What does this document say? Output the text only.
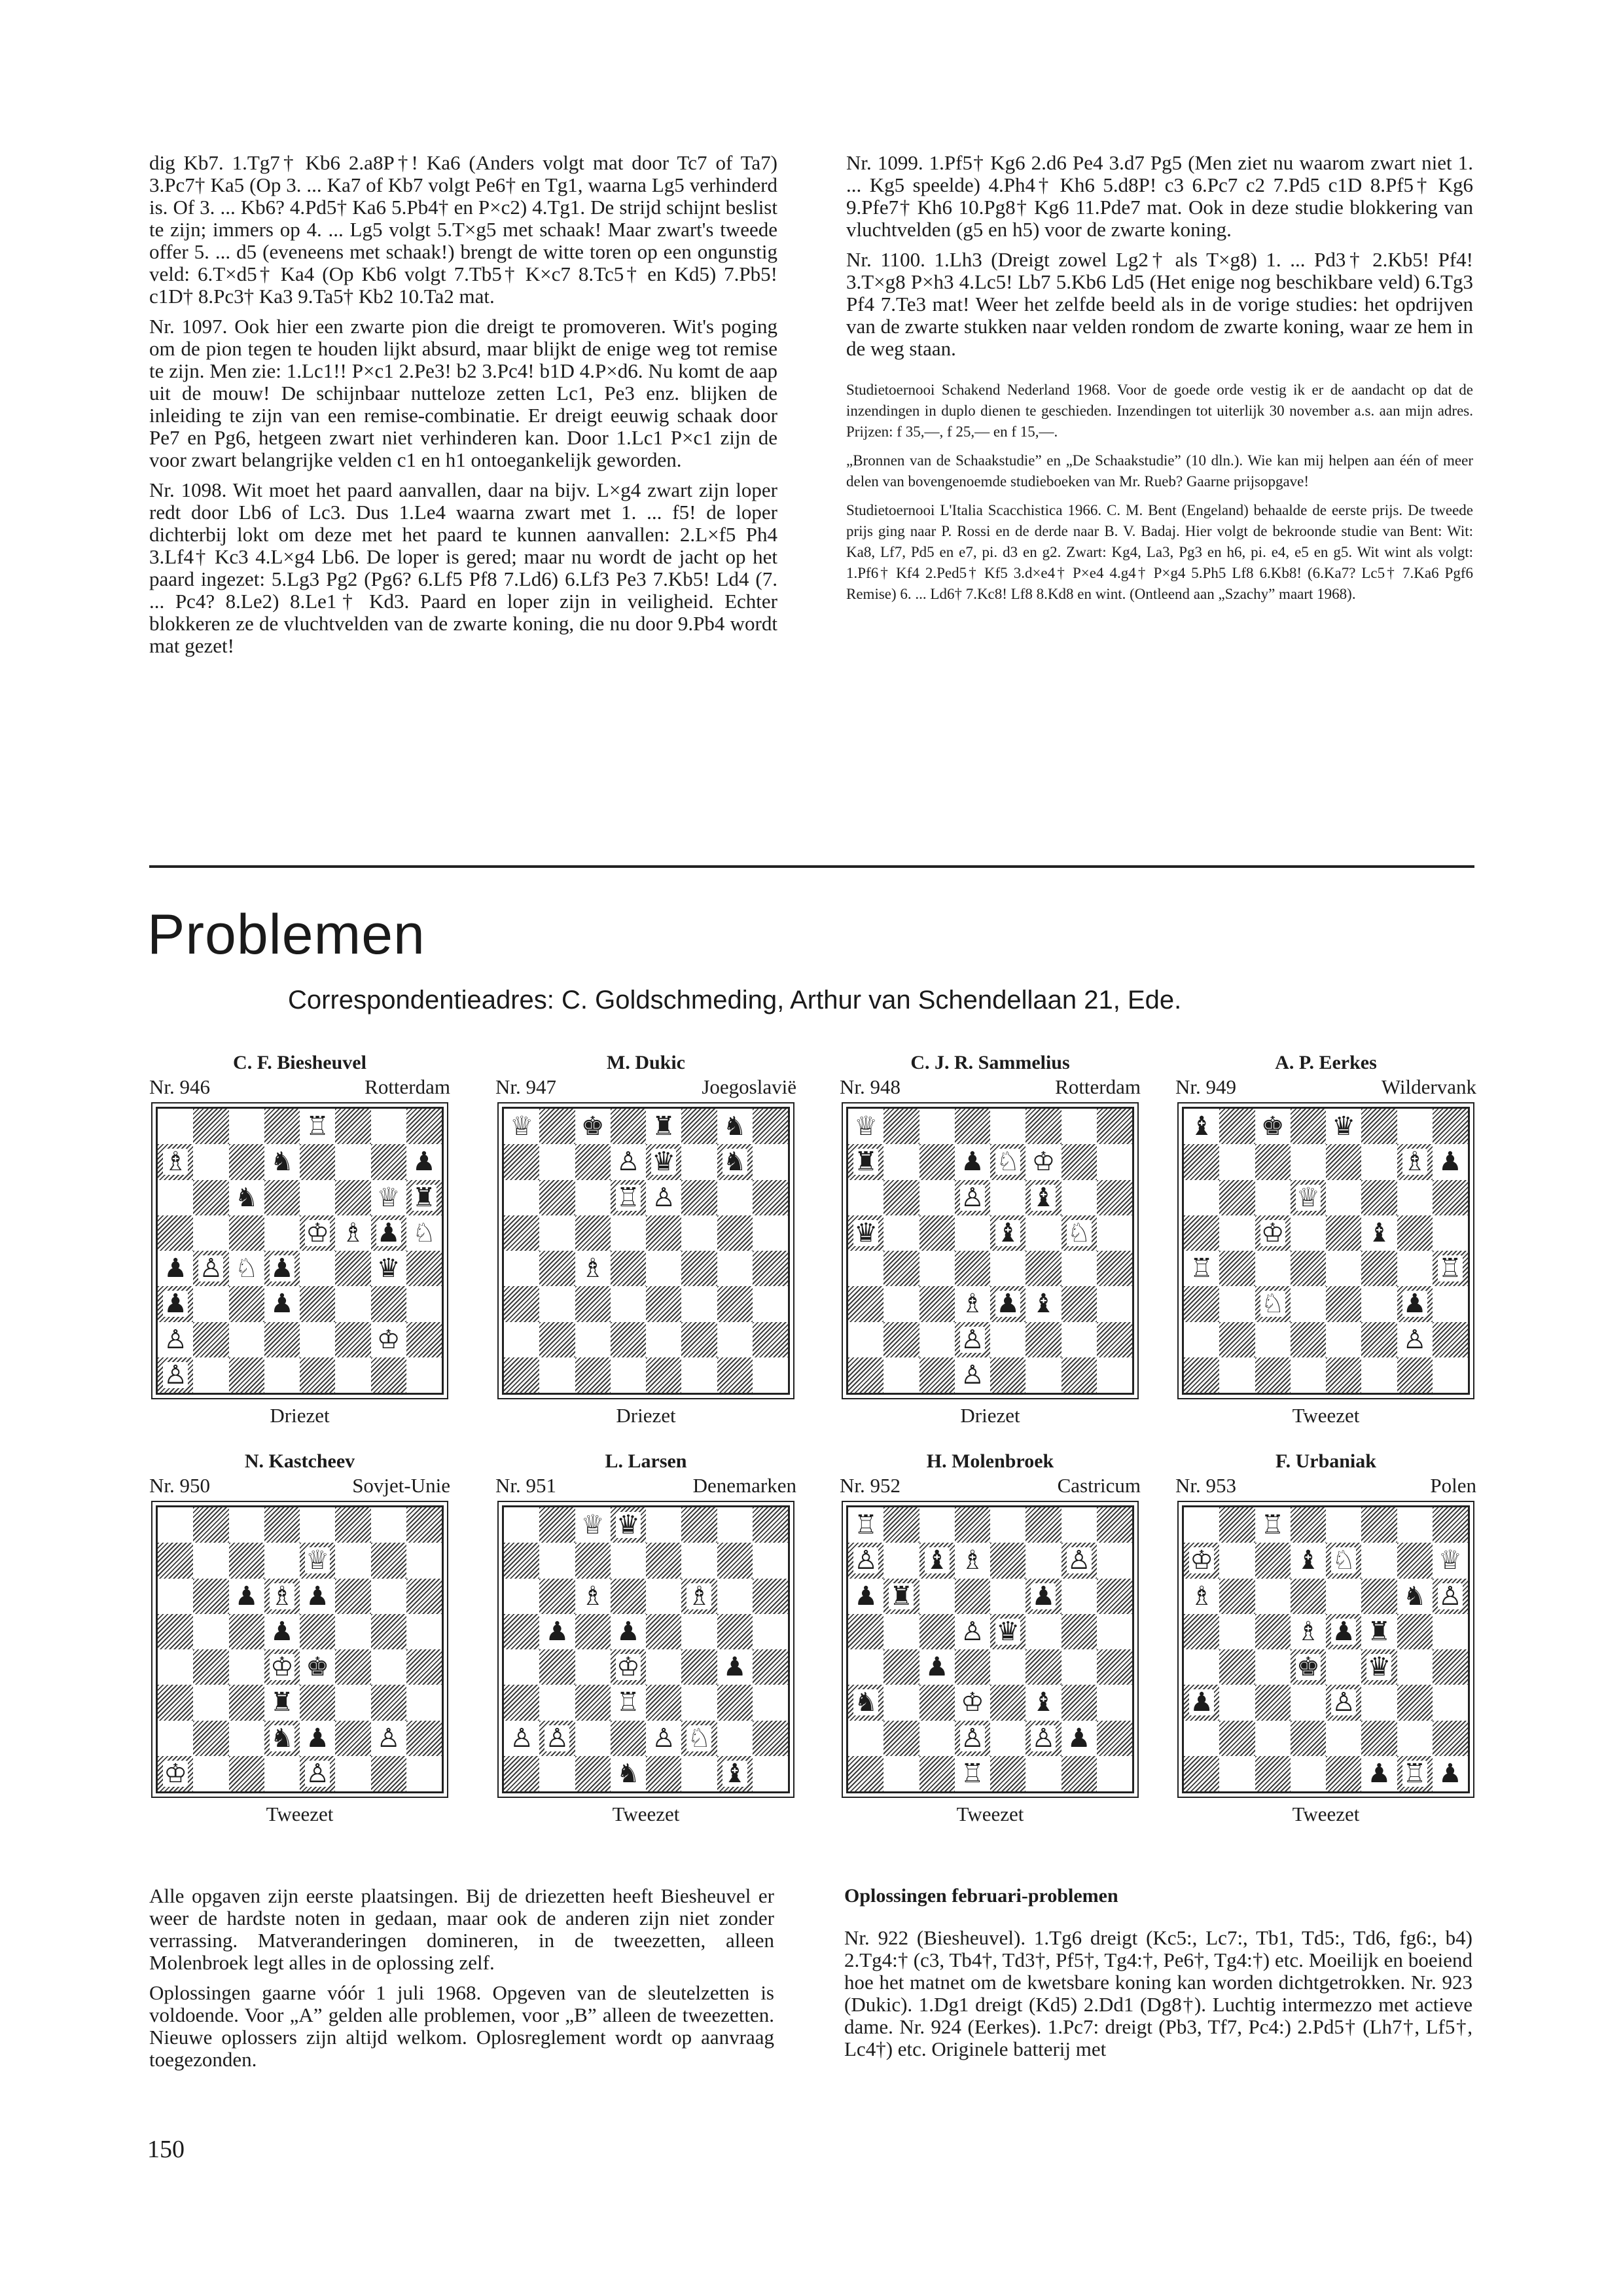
dig Kb7. 1.Tg7† Kb6 2.a8P†! Ka6 (Anders volgt mat door Tc7 of Ta7) 3.Pc7† Ka5 (Op 3. ... Ka7 of Kb7 volgt Pe6† en Tg1, waarna Lg5 verhinderd is. Of 3. ... Kb6? 4.Pd5† Ka6 5.Pb4† en P×c2) 4.Tg1. De strijd schijnt beslist te zijn; immers op 4. ... Lg5 volgt 5.T×g5 met schaak! Maar zwart's tweede offer 5. ... d5 (eveneens met schaak!) brengt de witte toren op een ongunstig veld: 6.T×d5† Ka4 (Op Kb6 volgt 7.Tb5† K×c7 8.Tc5† en Kd5) 7.Pb5! c1D† 8.Pc3† Ka3 9.Ta5† Kb2 10.Ta2 mat.

Nr. 1097. Ook hier een zwarte pion die dreigt te promoveren. Wit's poging om de pion tegen te houden lijkt absurd, maar blijkt de enige weg tot remise te zijn. Men zie: 1.Lc1!! P×c1 2.Pe3! b2 3.Pc4! b1D 4.P×d6. Nu komt de aap uit de mouw! De schijnbaar nutteloze zetten Lc1, Pe3 enz. blijken de inleiding te zijn van een remise-combinatie. Er dreigt eeuwig schaak door Pe7 en Pg6, hetgeen zwart niet verhinderen kan. Door 1.Lc1 P×c1 zijn de voor zwart belangrijke velden c1 en h1 ontoegankelijk geworden.

Nr. 1098. Wit moet het paard aanvallen, daar na bijv. L×g4 zwart zijn loper redt door Lb6 of Lc3. Dus 1.Le4 waarna zwart met 1. ... f5! de loper dichterbij lokt om deze met het paard te kunnen aanvallen: 2.L×f5 Ph4 3.Lf4† Kc3 4.L×g4 Lb6. De loper is gered; maar nu wordt de jacht op het paard ingezet: 5.Lg3 Pg2 (Pg6? 6.Lf5 Pf8 7.Ld6) 6.Lf3 Pe3 7.Kb5! Ld4 (7. ... Pc4? 8.Le2) 8.Le1† Kd3. Paard en loper zijn in veiligheid. Echter blokkeren ze de vluchtvelden van de zwarte koning, die nu door 9.Pb4 wordt mat gezet!

Nr. 1099. 1.Pf5† Kg6 2.d6 Pe4 3.d7 Pg5 (Men ziet nu waarom zwart niet 1. ... Kg5 speelde) 4.Ph4† Kh6 5.d8P! c3 6.Pc7 c2 7.Pd5 c1D 8.Pf5† Kg6 9.Pfe7† Kh6 10.Pg8† Kg6 11.Pde7 mat. Ook in deze studie blokkering van vluchtvelden (g5 en h5) voor de zwarte koning.

Nr. 1100. 1.Lh3 (Dreigt zowel Lg2† als T×g8) 1. ... Pd3† 2.Kb5! Pf4! 3.T×g8 P×h3 4.Lc5! Lb7 5.Kb6 Ld5 (Het enige nog beschikbare veld) 6.Tg3 Pf4 7.Te3 mat! Weer het zelfde beeld als in de vorige studies: het opdrijven van de zwarte stukken naar velden rondom de zwarte koning, waar ze hem in de weg staan.

Studietoernooi Schakend Nederland 1968. Voor de goede orde vestig ik er de aandacht op dat de inzendingen in duplo dienen te geschieden. Inzendingen tot uiterlijk 30 november a.s. aan mijn adres. Prijzen: f 35,—, f 25,— en f 15,—.

„Bronnen van de Schaakstudie” en „De Schaakstudie” (10 dln.). Wie kan mij helpen aan één of meer delen van bovengenoemde studieboeken van Mr. Rueb? Gaarne prijsopgave!

Studietoernooi L'Italia Scacchistica 1966. C. M. Bent (Engeland) behaalde de eerste prijs. De tweede prijs ging naar P. Rossi en de derde naar B. V. Badaj. Hier volgt de bekroonde studie van Bent: Wit: Ka8, Lf7, Pd5 en e7, pi. d3 en g2. Zwart: Kg4, La3, Pg3 en h6, pi. e4, e5 en g5. Wit wint als volgt: 1.Pf6† Kf4 2.Ped5† Kf5 3.d×e4† P×e4 4.g4† P×g4 5.Ph5 Lf8 6.Kb8! (6.Ka7? Lc5† 7.Ka6 Pgf6 Remise) 6. ... Ld6† 7.Kc8! Lf8 8.Kd8 en wint. (Ontleend aan „Szachy” maart 1968).

Problemen
Correspondentieadres: C. Goldschmeding, Arthur van Schendellaan 21, Ede.
C. F. Biesheuvel
Nr. 946	Rotterdam
♖
♗	♞	♟
♞	♕ ♜
♔ ♗ ♟ ♘
♟ ♙ ♘ ♟	♛
♟	♟
♙	♔
♙
Driezet
M. Dukic
Nr. 947	Joegoslavië
♕ ♚ ♜ ♞
♙ ♛ ♞
♖ ♙
♗
Driezet
C. J. R. Sammelius
Nr. 948	Rotterdam
♕
♜	♟ ♘ ♔
♙ ♝
♛	♝ ♘
♗ ♟ ♝
♙
♙
Driezet
A. P. Eerkes
Nr. 949	Wildervank
♝ ♚ ♛
♗ ♟
♕
♔	♝
♖	♖
♘	♟
♙
Tweezet
N. Kastcheev
Nr. 950	Sovjet-Unie
♕
♟ ♗ ♟
♟
♔ ♚
♜
♞ ♟ ♙
♔	♙
Tweezet
L. Larsen
Nr. 951	Denemarken
♕ ♛
♗	♗
♟ ♟
♔	♟
♖
♙ ♙	♙ ♘
♞	♝
Tweezet
H. Molenbroek
Nr. 952	Castricum
♖
♙ ♝ ♗	♙
♟ ♜	♟
♙ ♛
♟
♞	♔ ♝
♙ ♙ ♟
♖
Tweezet
F. Urbaniak
Nr. 953	Polen
♖
♔	♝ ♘	♕
♗	♞ ♙
♗ ♟ ♜
♚ ♛
♟	♙
♟ ♖ ♟
Tweezet

Alle opgaven zijn eerste plaatsingen. Bij de driezetten heeft Biesheuvel er weer de hardste noten in gedaan, maar ook de anderen zijn niet zonder verrassing. Matveranderingen domineren, in de tweezetten, alleen Molenbroek legt alles in de oplossing zelf.

Oplossingen gaarne vóór 1 juli 1968. Opgeven van de sleutelzetten is voldoende. Voor „A” gelden alle problemen, voor „B” alleen de tweezetten. Nieuwe oplossers zijn altijd welkom. Oplosreglement wordt op aanvraag toegezonden.

Oplossingen februari-problemen

Nr. 922 (Biesheuvel). 1.Tg6 dreigt (Kc5:, Lc7:, Tb1, Td5:, Td6, fg6:, b4) 2.Tg4:† (c3, Tb4†, Td3†, Pf5†, Tg4:†, Pe6†, Tg4:†) etc. Moeilijk en boeiend hoe het matnet om de kwetsbare koning kan worden dichtgetrokken. Nr. 923 (Dukic). 1.Dg1 dreigt (Kd5) 2.Dd1 (Dg8†). Luchtig intermezzo met actieve dame. Nr. 924 (Eerkes). 1.Pc7: dreigt (Pb3, Tf7, Pc4:) 2.Pd5† (Lh7†, Lf5†, Lc4†) etc. Originele batterij met

150
